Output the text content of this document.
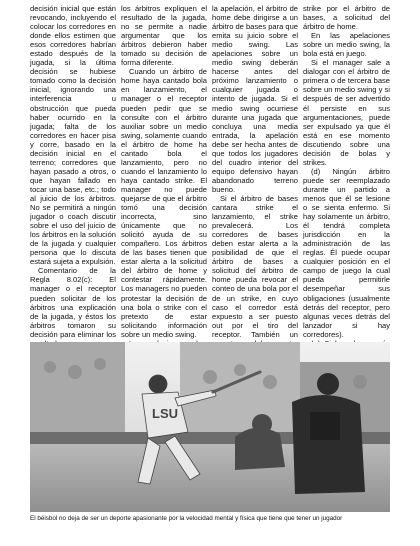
decisión inicial que están revocando, incluyendo el colocar los corredores en donde ellos estimen que esos corredores habrían estado después de la jugada, si la última decisión se hubiese tomado como la decisión inicial, ignorando una interferencia u obstrucción que pueda haber ocurrido en la jugada; falta de los corredores en hacer pisa y corre, basado en la decisión inicial en el terreno; corredores que hayan pasado a otros, o que hayan fallado en tocar una base, etc.; todo al juicio de los árbitros. No se permitirá a ningún jugador o coach discutir sobre el uso del juicio de los árbitros en la solución de la jugada y cualquier persona que lo discuta estará sujeta a expulsión.

Comentario de la Regla 8.02(c): El manager o el receptor pueden solicitar de los árbitros una explicación de la jugada, y éstos los árbitros tomaron su decisión para eliminar los

los árbitros expliquen el resultado de la jugada, no se permite a nadie argumentar que los árbitros debieron haber tomado su decisión de forma diferente.

Cuando un árbitro de home haya cantado bola en lanzamiento, el manager o el receptor pueden pedir que se consulte con el árbitro auxiliar sobre un medio swing, solamente cuando el árbitro de home ha cantado bola el lanzamiento, pero no cuando el lanzamiento lo haya cantado strike. El manager no puede quejarse de que el árbitro tomó una decisión incorrecta, sino únicamente que no solicitó ayuda de su compañero. Los árbitros de las bases tienen que estar alerta a la solicitud del árbitro de home y contestar rápidamente. Los managers no pueden protestar la decisión de una bola o strike con el pretexto de estar solicitando información sobre un medio swing.

la apelación, el árbitro de home debe dirigirse a un árbitro de bases para que emita su juicio sobre el medio swing. Las apelaciones sobre un medio swing deberán hacerse antes del próximo lanzamiento o cualquier jugada o intento de jugada. Si el medio swing ocurriese durante una jugada que concluya una media entrada, la apelación debe ser hecha antes de que todos los jugadores del cuadro interior del equipo defensivo hayan abandonado terreno bueno.

Si el árbitro de bases cantara strike el lanzamiento, el strike prevalecerá. Los corredores de bases deben estar alerta a la posibilidad de que el árbitro de bases a solicitud del árbitro de home pueda revocar el conteo de una bola por el de un strike, en cuyo caso el corredor está expuesto a ser puesto out por el tiro del receptor. También un

strike por el árbitro de bases, a solicitud del árbitro de home.

En las apelaciones sobre un medio swing, la bola está en juego.

Si el manager sale a dialogar con el árbitro de primera o de tercera base sobre un medio swing y si después de ser advertido él persiste en sus argumentaciones, puede ser expulsado ya que él está en ese momento discutiendo sobre una decisión de bolas y strikes.

(d) Ningún árbitro puede ser reemplazado durante un partido a menos que él se lesione o se sienta enfermo. Si hay solamente un árbitro, él tendrá completa jurisdicción en la administración de las reglas. Él puede ocupar cualquier posición en el campo de juego la cual pueda permitirle desempeñar sus obligaciones (usualmente detrás del receptor, pero algunas veces detrás del lanzador si hay corredores).

LSU
El béisbol no deja de ser un deporte apasionante por la velocidad mental y física que tiene que tener un jugador
